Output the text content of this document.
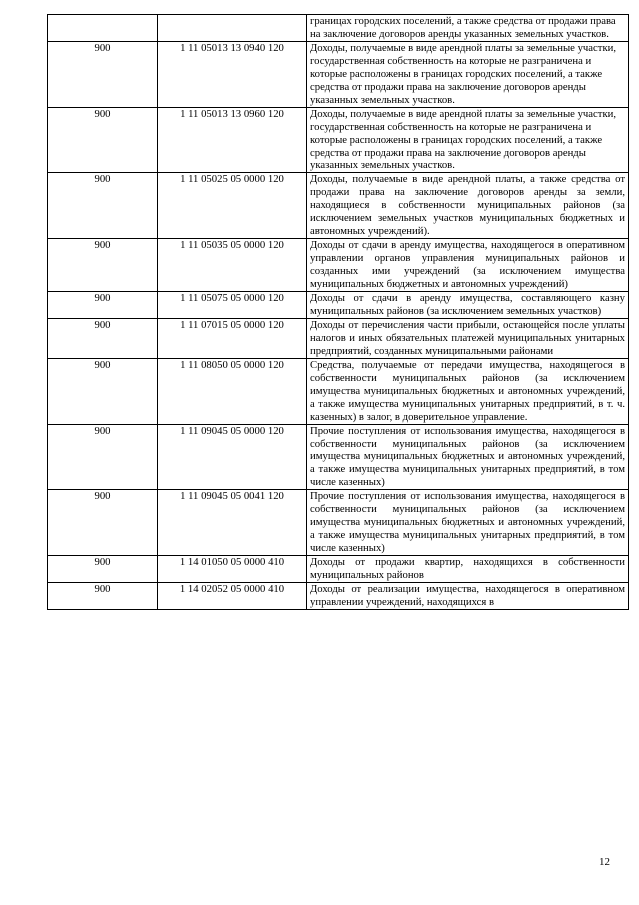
		границах городских поселений, а также средства от продажи права на заключение договоров аренды указанных земельных участков.
900	1 11 05013 13 0940 120	Доходы, получаемые в виде арендной платы за земельные участки, государственная собственность на которые не разграничена и которые расположены в границах городских поселений, а также средства от продажи права на заключение договоров аренды указанных земельных участков.
900	1 11 05013 13 0960 120	Доходы, получаемые в виде арендной платы за земельные участки, государственная собственность на которые не разграничена и которые расположены в границах городских поселений, а также средства от продажи права на заключение договоров аренды указанных земельных участков.
900	1 11 05025 05 0000 120	Доходы, получаемые в виде арендной платы, а также средства от продажи права на заключение договоров аренды за земли, находящиеся в собственности муниципальных районов (за исключением земельных участков муниципальных бюджетных и автономных учреждений).
900	1 11 05035 05 0000 120	Доходы от сдачи в аренду имущества, находящегося в оперативном управлении органов управления муниципальных районов и созданных ими учреждений (за исключением имущества муниципальных бюджетных и автономных учреждений)
900	1 11 05075 05 0000 120	Доходы от сдачи в аренду имущества, составляющего казну муниципальных районов (за исключением земельных участков)
900	1 11 07015 05 0000 120	Доходы от перечисления части прибыли, остающейся после уплаты налогов и иных обязательных платежей муниципальных унитарных предприятий, созданных муниципальными районами
900	1 11 08050 05 0000 120	Средства, получаемые от передачи имущества, находящегося в собственности муниципальных районов (за исключением имущества муниципальных бюджетных и автономных учреждений, а также имущества муниципальных унитарных предприятий, в т. ч. казенных) в залог, в доверительное управление.
900	1 11 09045 05 0000 120	Прочие поступления от использования имущества, находящегося в собственности муниципальных районов (за исключением имущества муниципальных бюджетных и автономных учреждений, а также имущества муниципальных унитарных предприятий, в том числе казенных)
900	1 11 09045 05 0041 120	Прочие поступления от использования имущества, находящегося в собственности муниципальных районов (за исключением имущества муниципальных бюджетных и автономных учреждений, а также имущества муниципальных унитарных предприятий, в том числе казенных)
900	1 14 01050 05 0000 410	Доходы от продажи квартир, находящихся в собственности муниципальных районов
900	1 14 02052 05 0000 410	Доходы от реализации имущества, находящегося в оперативном управлении учреждений, находящихся в
12
